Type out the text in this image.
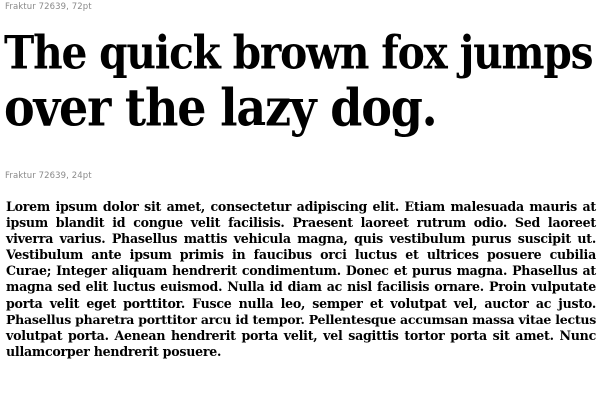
Fraktur 72639, 72pt
The quick brown fox jumps
over the lazy dog.
Fraktur 72639, 24pt
Lorem ipsum dolor sit amet, consectetur adipiscing elit. Etiam malesuada mauris at
ipsum blandit id congue velit facilisis. Praesent laoreet rutrum odio. Sed laoreet
viverra varius. Phasellus mattis vehicula magna, quis vestibulum purus suscipit ut.
Vestibulum ante ipsum primis in faucibus orci luctus et ultrices posuere cubilia
Curae; Integer aliquam hendrerit condimentum. Donec et purus magna. Phasellus at
magna sed elit luctus euismod. Nulla id diam ac nisl facilisis ornare. Proin vulputate
porta velit eget porttitor. Fusce nulla leo, semper et volutpat vel, auctor ac justo.
Phasellus pharetra porttitor arcu id tempor. Pellentesque accumsan massa vitae lectus
volutpat porta. Aenean hendrerit porta velit, vel sagittis tortor porta sit amet. Nunc
ullamcorper hendrerit posuere.
